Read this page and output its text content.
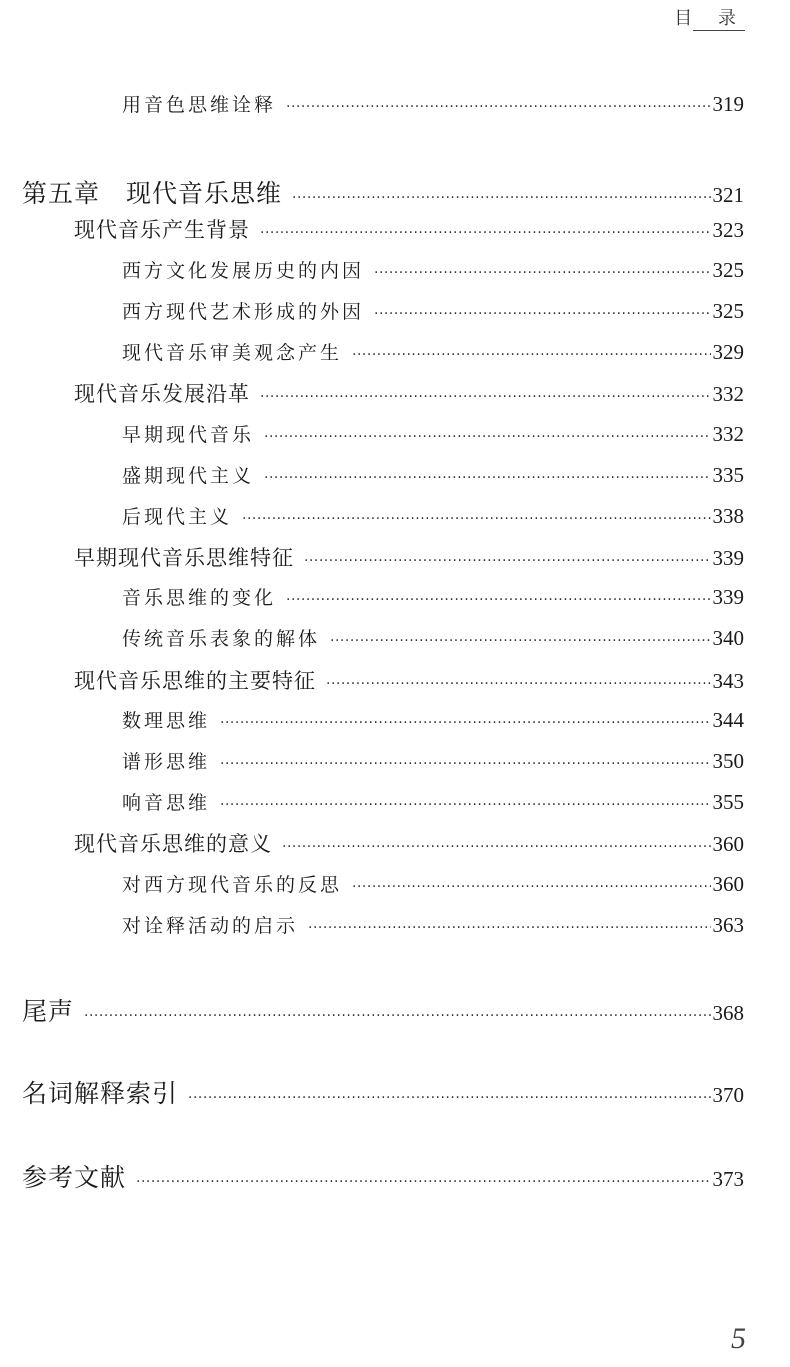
目 录
用音色思维诠释 ·····	319
第五章　现代音乐思维 ·····	321
现代音乐产生背景 ·····	323
西方文化发展历史的内因 ·····	325
西方现代艺术形成的外因 ·····	325
现代音乐审美观念产生 ·····	329
现代音乐发展沿革 ·····	332
早期现代音乐 ·····	332
盛期现代主义 ·····	335
后现代主义 ·····	338
早期现代音乐思维特征 ·····	339
音乐思维的变化 ·····	339
传统音乐表象的解体 ·····	340
现代音乐思维的主要特征 ·····	343
数理思维 ·····	344
谱形思维 ·····	350
响音思维 ·····	355
现代音乐思维的意义 ·····	360
对西方现代音乐的反思 ·····	360
对诠释活动的启示 ·····	363
尾声 ·····	368
名词解释索引 ·····	370
参考文献 ·····	373
5
